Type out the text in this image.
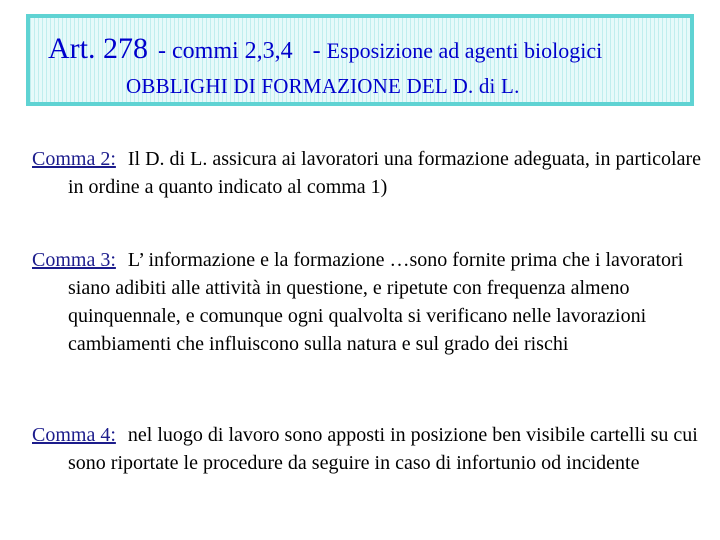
Art. 278 - commi 2,3,4 - Esposizione ad agenti biologici
OBBLIGHI DI FORMAZIONE DEL D. di L.

Comma 2: Il D. di L. assicura ai lavoratori una formazione adeguata, in particolare in ordine a quanto indicato al comma 1)

Comma 3: L’ informazione e la formazione …sono fornite prima che i lavoratori siano adibiti alle attività in questione, e ripetute con frequenza almeno quinquennale, e comunque ogni qualvolta si verificano nelle lavorazioni cambiamenti che influiscono sulla natura e sul grado dei rischi

Comma 4: nel luogo di lavoro sono apposti in posizione ben visibile cartelli su cui sono riportate le procedure da seguire in caso di infortunio od incidente
